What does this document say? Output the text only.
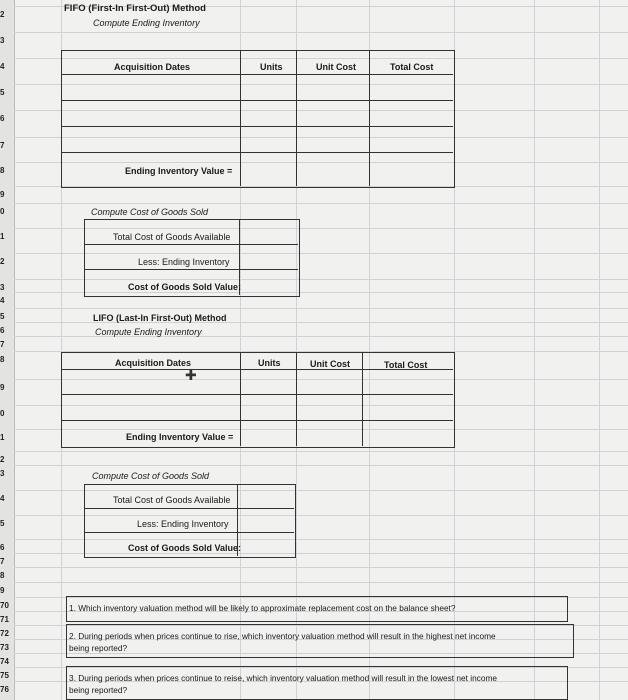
2
3
4
5
6
7
8
9
0
1
2
3
4
5
6
7
8
9
0
1
2
3
4
5
6
7
8
9
70
71
72
73
74
75
76
FIFO (First-In First-Out) Method
Compute Ending Inventory
Acquisition Dates	Units	Unit Cost	Total Cost
Ending Inventory Value =
Compute Cost of Goods Sold
Total Cost of Goods Available
Less: Ending Inventory
Cost of Goods Sold Value:
LIFO (Last-In First-Out) Method
Compute Ending Inventory
Acquisition Dates	Units	Unit Cost	Total Cost
Ending Inventory Value =
✚
Compute Cost of Goods Sold
Total Cost of Goods Available
Less: Ending Inventory
Cost of Goods Sold Value:
1. Which inventory valuation method will be likely to approximate replacement cost on the balance sheet?
2. During periods when prices continue to rise, which inventory valuation method will result in the highest net income
being reported?
3. During periods when prices continue to reise, which inventory valuation method will result in the lowest net income
being reported?
